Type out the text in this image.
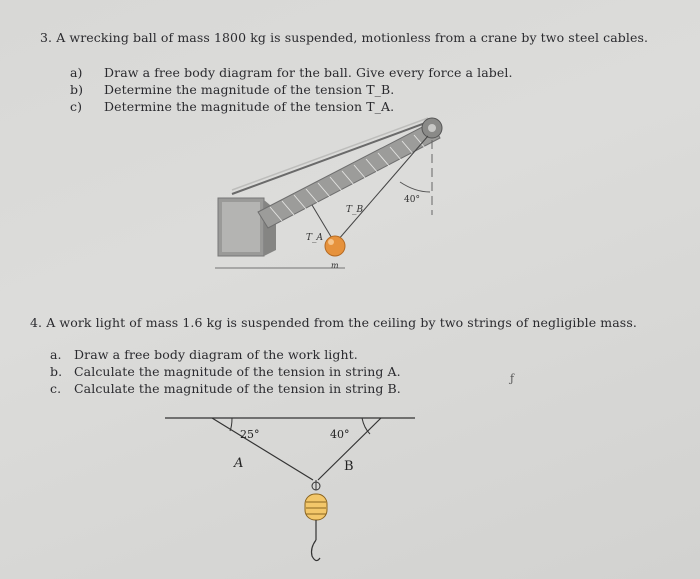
3. A wrecking ball of mass 1800 kg is suspended, motionless from a crane by two steel cables.
a)	Draw a free body diagram for the ball. Give every force a label.
b)	Determine the magnitude of the tension T_B.
c)	Determine the magnitude of the tension T_A.
40°
T_A
T_B
m
4. A work light of mass 1.6 kg is suspended from the ceiling by two strings of negligible mass.
a. Draw a free body diagram of the work light.
b. Calculate the magnitude of the tension in string A.
c.	Calculate the magnitude of the tension in string B.
ƒ
25°	40°
A	B
